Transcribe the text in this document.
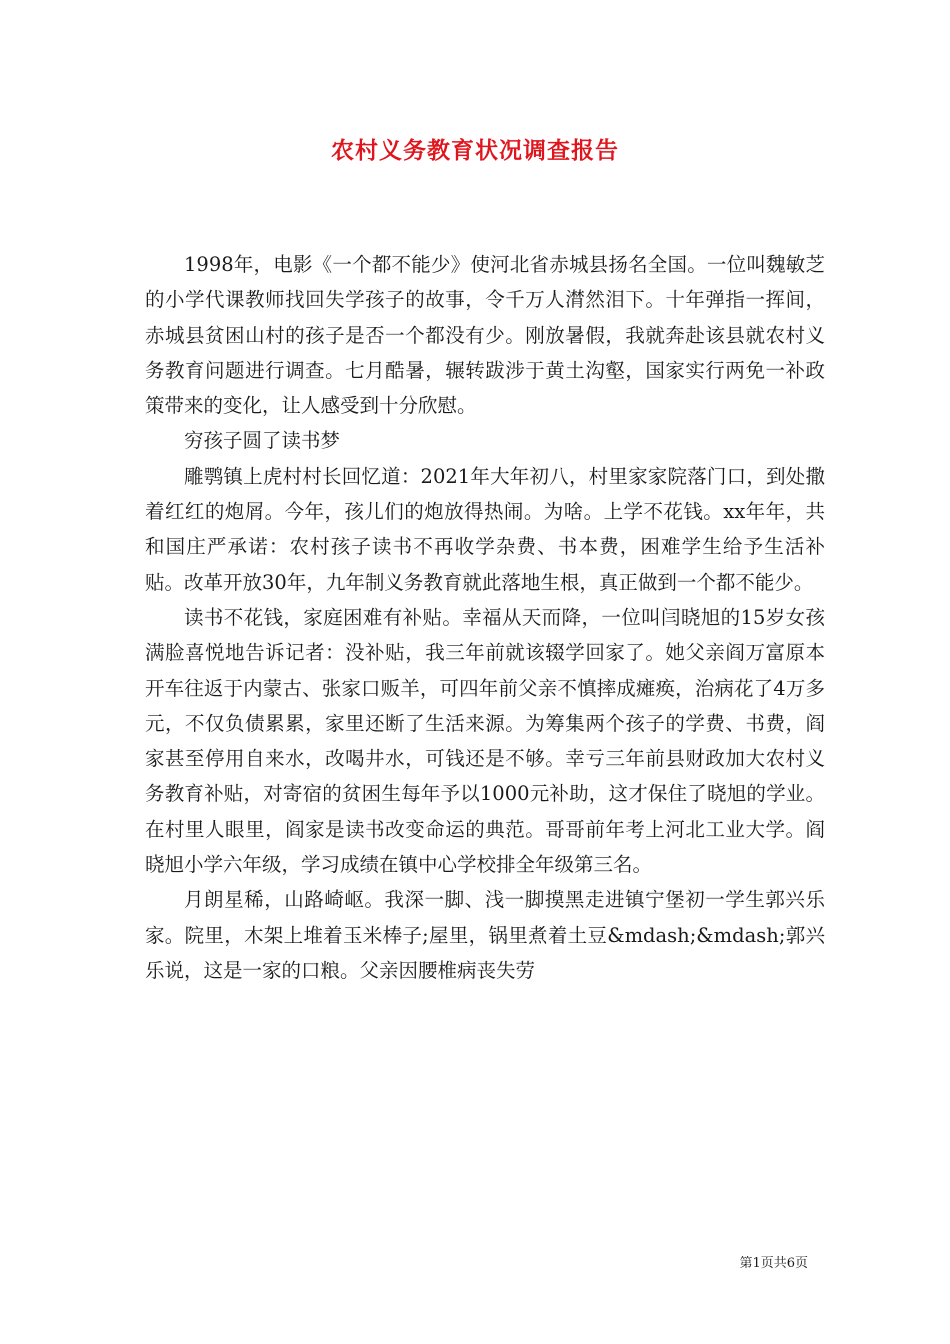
农村义务教育状况调查报告

1998年，电影《一个都不能少》使河北省赤城县扬名全国。一位叫魏敏芝的小学代课教师找回失学孩子的故事，令千万人潸然泪下。十年弹指一挥间，赤城县贫困山村的孩子是否一个都没有少。刚放暑假，我就奔赴该县就农村义务教育问题进行调查。七月酷暑，辗转跋涉于黄土沟壑，国家实行两免一补政策带来的变化，让人感受到十分欣慰。

穷孩子圆了读书梦

雕鹗镇上虎村村长回忆道：2021年大年初八，村里家家院落门口，到处撒着红红的炮屑。今年，孩儿们的炮放得热闹。为啥。上学不花钱。xx年年，共和国庄严承诺：农村孩子读书不再收学杂费、书本费，困难学生给予生活补贴。改革开放30年，九年制义务教育就此落地生根，真正做到一个都不能少。

读书不花钱，家庭困难有补贴。幸福从天而降，一位叫闫晓旭的15岁女孩满脸喜悦地告诉记者：没补贴，我三年前就该辍学回家了。她父亲阎万富原本开车往返于内蒙古、张家口贩羊，可四年前父亲不慎摔成瘫痪，治病花了4万多元，不仅负债累累，家里还断了生活来源。为筹集两个孩子的学费、书费，阎家甚至停用自来水，改喝井水，可钱还是不够。幸亏三年前县财政加大农村义务教育补贴，对寄宿的贫困生每年予以1000元补助，这才保住了晓旭的学业。在村里人眼里，阎家是读书改变命运的典范。哥哥前年考上河北工业大学。阎晓旭小学六年级，学习成绩在镇中心学校排全年级第三名。

月朗星稀，山路崎岖。我深一脚、浅一脚摸黑走进镇宁堡初一学生郭兴乐家。院里，木架上堆着玉米棒子;屋里，锅里煮着土豆&mdash;&mdash;郭兴乐说，这是一家的口粮。父亲因腰椎病丧失劳

第1页共6页
